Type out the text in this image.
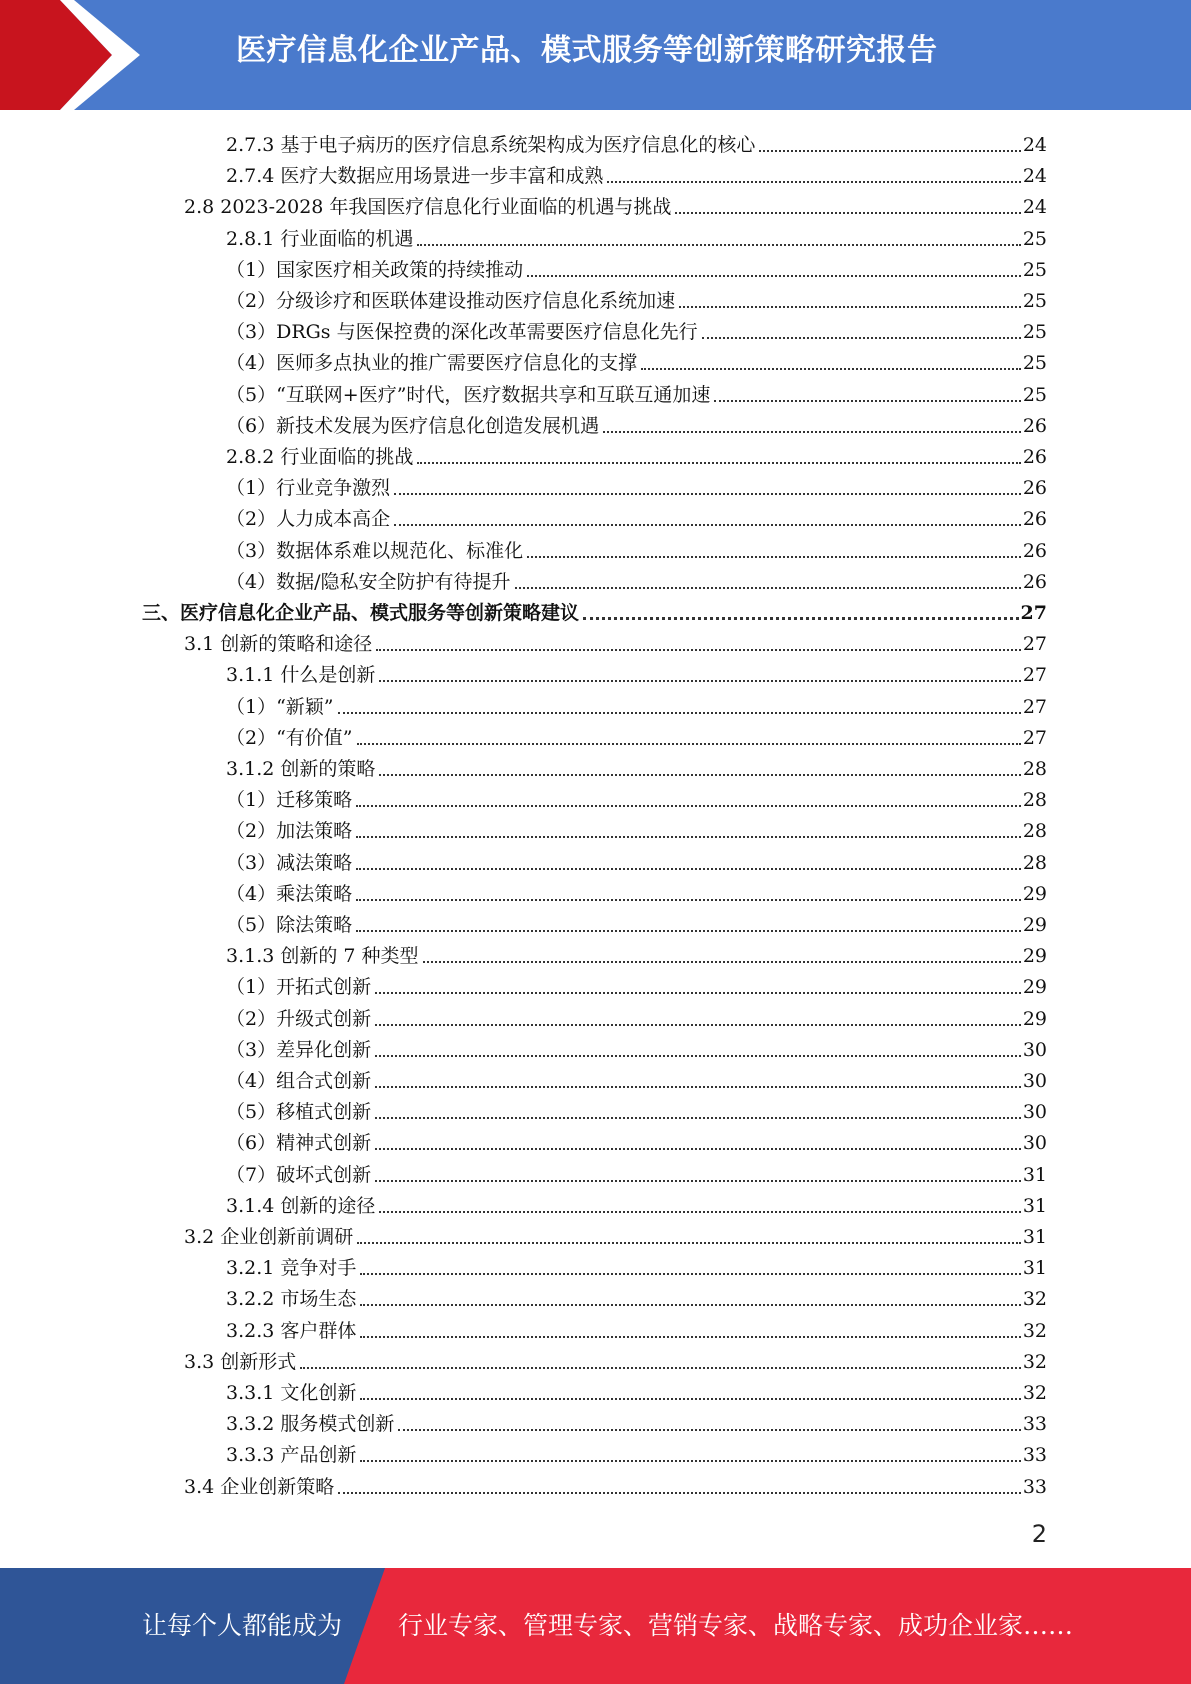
医疗信息化企业产品、模式服务等创新策略研究报告
2.7.3 基于电子病历的医疗信息系统架构成为医疗信息化的核心	24
2.7.4 医疗大数据应用场景进一步丰富和成熟	24
2.8 2023-2028 年我国医疗信息化行业面临的机遇与挑战	24
2.8.1 行业面临的机遇	25
（1）国家医疗相关政策的持续推动	25
（2）分级诊疗和医联体建设推动医疗信息化系统加速	25
（3）DRGs 与医保控费的深化改革需要医疗信息化先行	25
（4）医师多点执业的推广需要医疗信息化的支撑	25
（5）“互联网+医疗”时代，医疗数据共享和互联互通加速	25
（6）新技术发展为医疗信息化创造发展机遇	26
2.8.2 行业面临的挑战	26
（1）行业竞争激烈	26
（2）人力成本高企	26
（3）数据体系难以规范化、标准化	26
（4）数据/隐私安全防护有待提升	26
三、医疗信息化企业产品、模式服务等创新策略建议	27
3.1 创新的策略和途径	27
3.1.1 什么是创新	27
（1）“新颖”	27
（2）“有价值”	27
3.1.2 创新的策略	28
（1）迁移策略	28
（2）加法策略	28
（3）减法策略	28
（4）乘法策略	29
（5）除法策略	29
3.1.3 创新的 7 种类型	29
（1）开拓式创新	29
（2）升级式创新	29
（3）差异化创新	30
（4）组合式创新	30
（5）移植式创新	30
（6）精神式创新	30
（7）破坏式创新	31
3.1.4 创新的途径	31
3.2 企业创新前调研	31
3.2.1 竞争对手	31
3.2.2 市场生态	32
3.2.3 客户群体	32
3.3 创新形式	32
3.3.1 文化创新	32
3.3.2 服务模式创新	33
3.3.3 产品创新	33
3.4 企业创新策略	33
2
让每个人都能成为 行业专家、管理专家、营销专家、战略专家、成功企业家……
